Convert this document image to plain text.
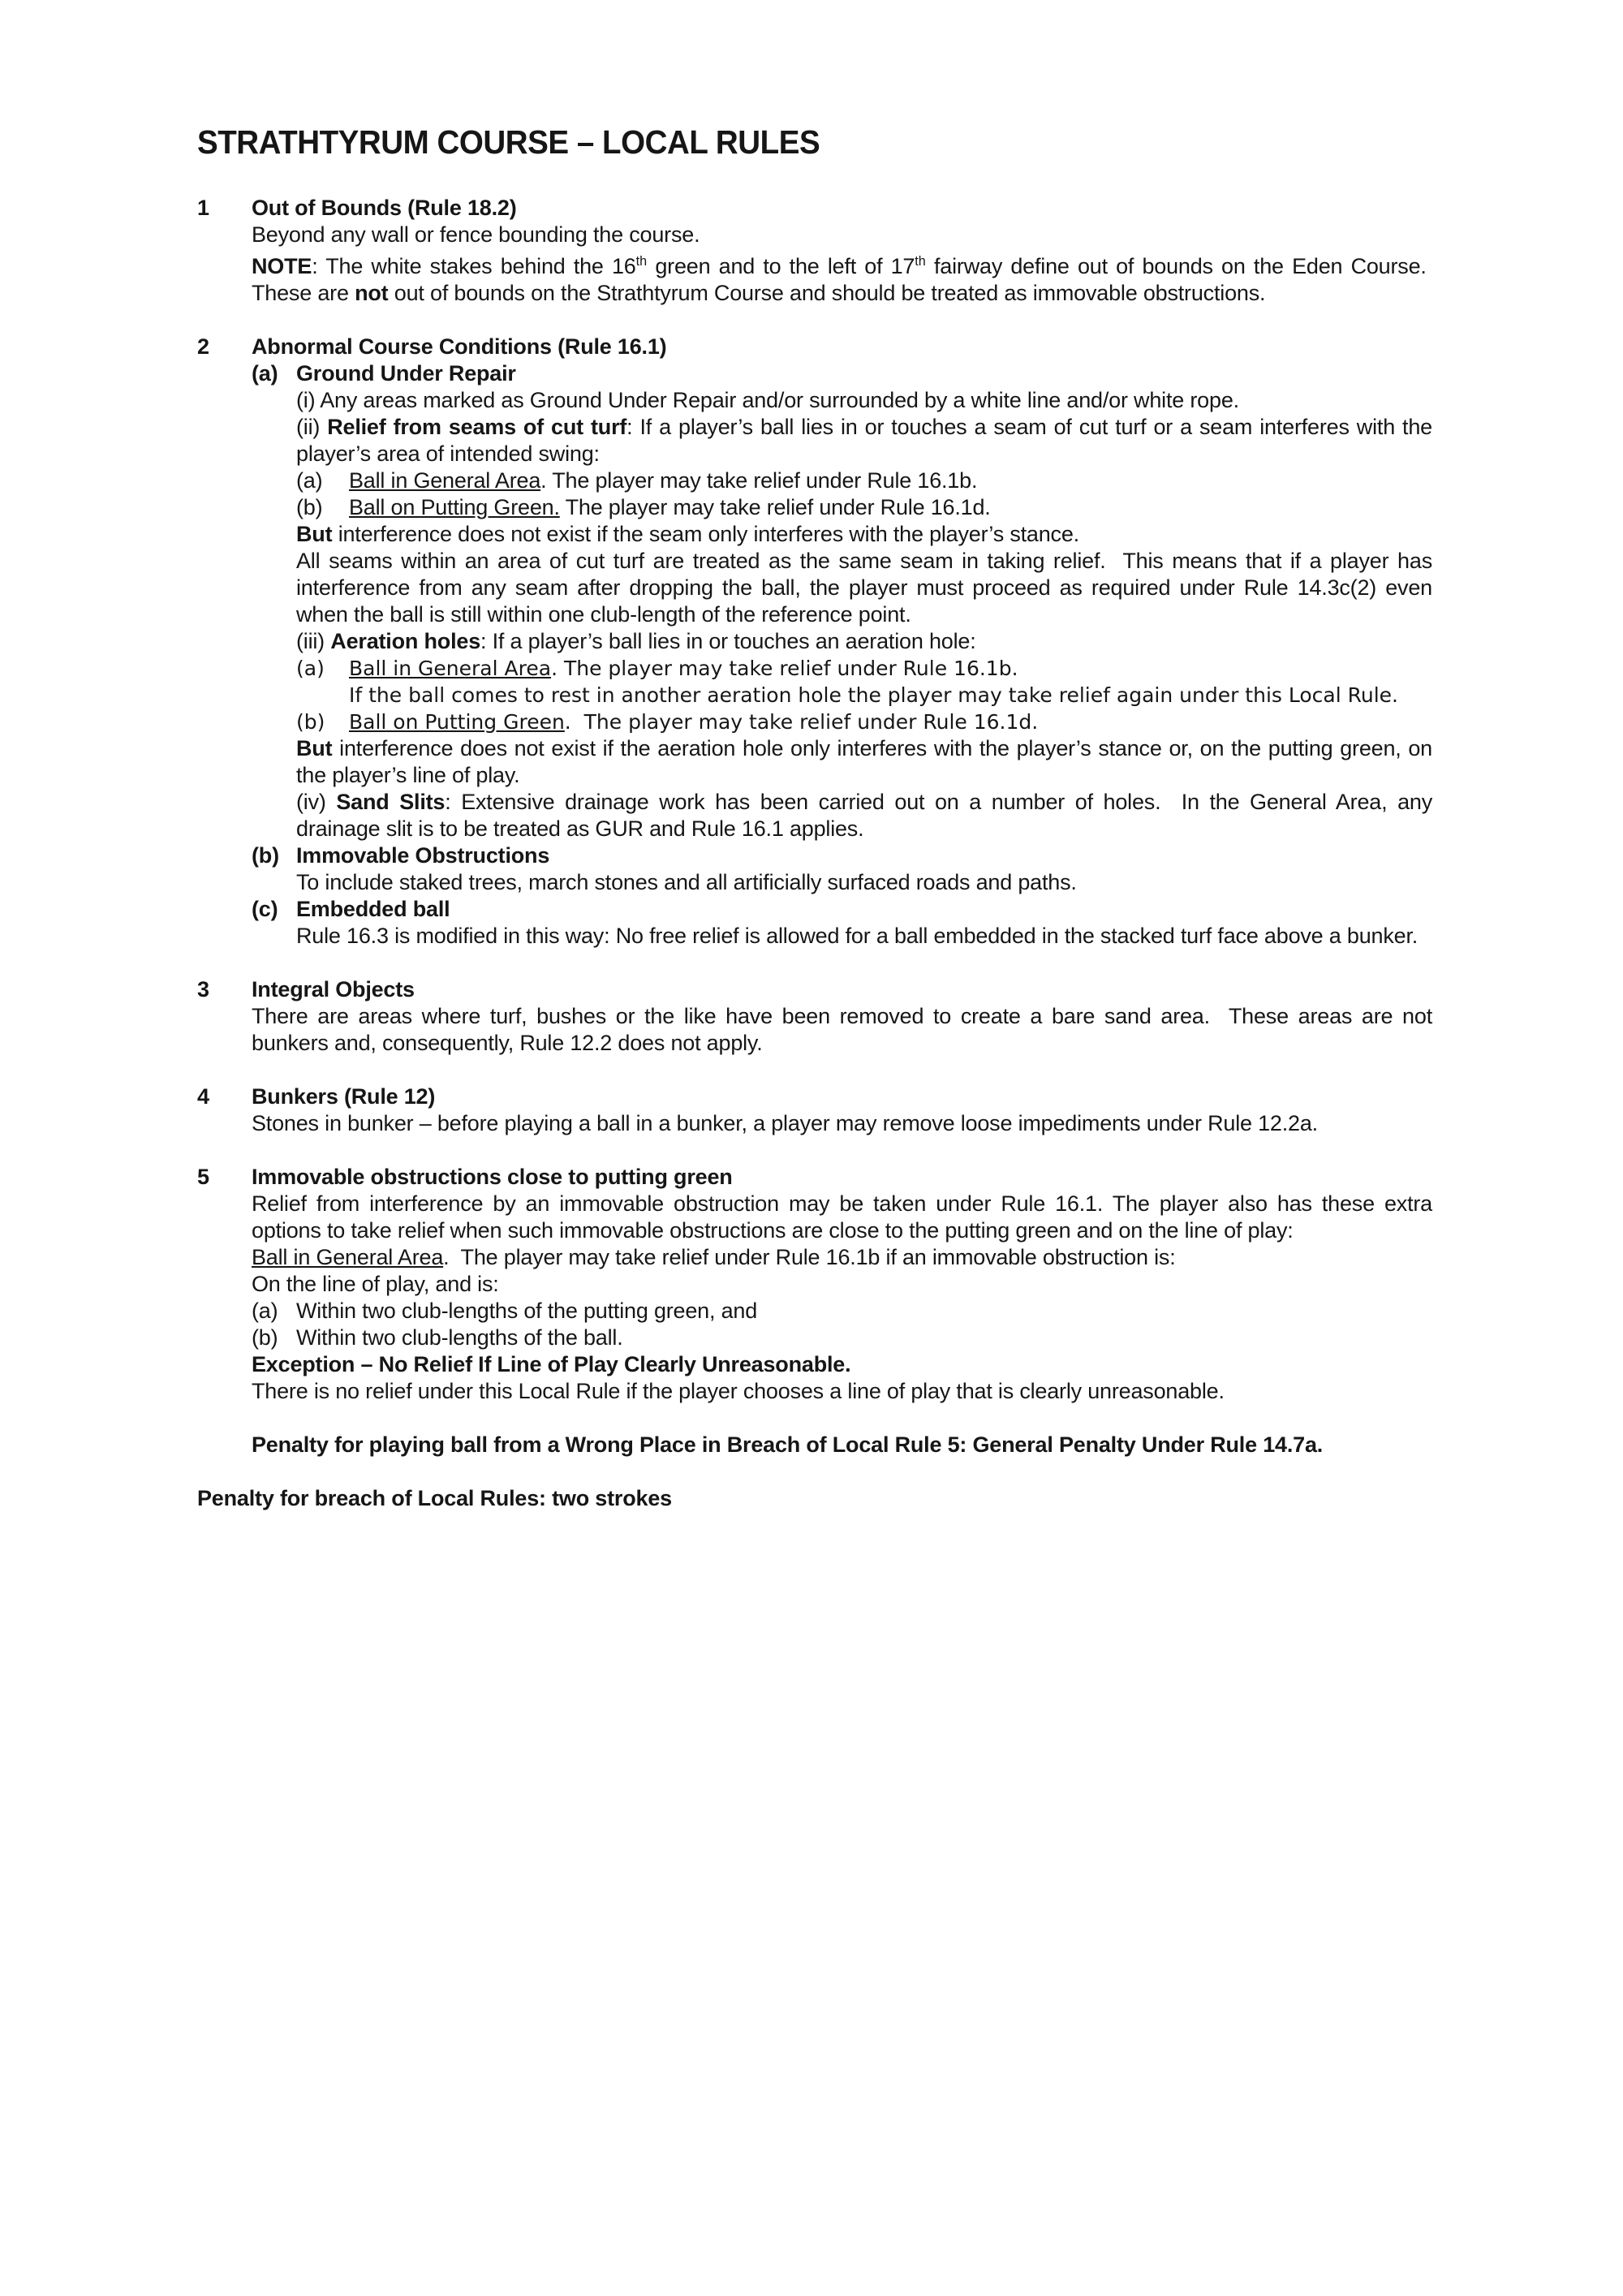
STRATHTYRUM COURSE – LOCAL RULES
1	Out of Bounds (Rule 18.2)

Beyond any wall or fence bounding the course.

NOTE: The white stakes behind the 16th green and to the left of 17th fairway define out of bounds on the Eden Course.  These are not out of bounds on the Strathtyrum Course and should be treated as immovable obstructions.

2	Abnormal Course Conditions (Rule 16.1)

(a) Ground Under Repair

(i) Any areas marked as Ground Under Repair and/or surrounded by a white line and/or white rope.

(ii) Relief from seams of cut turf: If a player’s ball lies in or touches a seam of cut turf or a seam interferes with the player’s area of intended swing:

(a)	Ball in General Area. The player may take relief under Rule 16.1b.

(b)	Ball on Putting Green. The player may take relief under Rule 16.1d.

But interference does not exist if the seam only interferes with the player’s stance.

All seams within an area of cut turf are treated as the same seam in taking relief.  This means that if a player has interference from any seam after dropping the ball, the player must proceed as required under Rule 14.3c(2) even when the ball is still within one club-length of the reference point.

(iii) Aeration holes: If a player’s ball lies in or touches an aeration hole:

(a)	Ball in General Area. The player may take relief under Rule 16.1b.

If the ball comes to rest in another aeration hole the player may take relief again under this Local Rule.

(b)	Ball on Putting Green.  The player may take relief under Rule 16.1d.

But interference does not exist if the aeration hole only interferes with the player’s stance or, on the putting green, on the player’s line of play.

(iv) Sand Slits: Extensive drainage work has been carried out on a number of holes.  In the General Area, any drainage slit is to be treated as GUR and Rule 16.1 applies.

(b) Immovable Obstructions

To include staked trees, march stones and all artificially surfaced roads and paths.

(c) Embedded ball

Rule 16.3 is modified in this way: No free relief is allowed for a ball embedded in the stacked turf face above a bunker.

3	Integral Objects

There are areas where turf, bushes or the like have been removed to create a bare sand area.  These areas are not bunkers and, consequently, Rule 12.2 does not apply.

4	Bunkers (Rule 12)

Stones in bunker – before playing a ball in a bunker, a player may remove loose impediments under Rule 12.2a.

5	Immovable obstructions close to putting green

Relief from interference by an immovable obstruction may be taken under Rule 16.1. The player also has these extra options to take relief when such immovable obstructions are close to the putting green and on the line of play:

Ball in General Area.  The player may take relief under Rule 16.1b if an immovable obstruction is:

On the line of play, and is:

(a) Within two club-lengths of the putting green, and

(b) Within two club-lengths of the ball.

Exception – No Relief If Line of Play Clearly Unreasonable.

There is no relief under this Local Rule if the player chooses a line of play that is clearly unreasonable.

Penalty for playing ball from a Wrong Place in Breach of Local Rule 5: General Penalty Under Rule 14.7a.

Penalty for breach of Local Rules: two strokes
